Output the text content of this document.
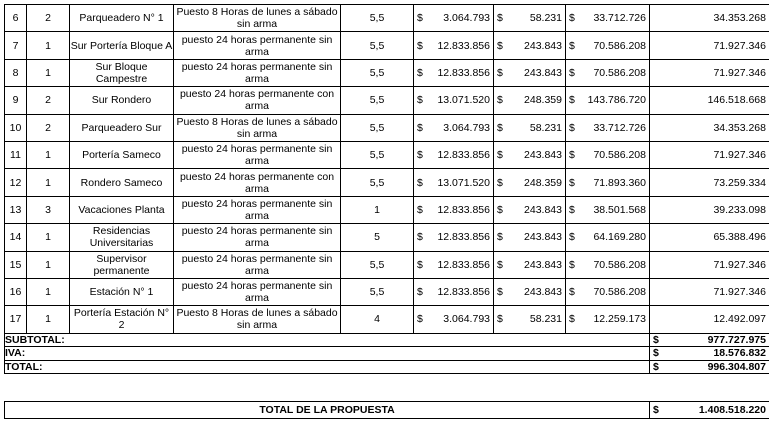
6	2	Parqueadero N° 1	Puesto 8 Horas de lunes a sábado sin arma	5,5	$ 3.064.793	$ 58.231	$ 33.712.726	34.353.268
7	1	Sur Portería Bloque A	puesto 24 horas permanente sin arma	5,5	$ 12.833.856	$ 243.843	$ 70.586.208	71.927.346
8	1	Sur Bloque Campestre	puesto 24 horas permanente sin arma	5,5	$ 12.833.856	$ 243.843	$ 70.586.208	71.927.346
9	2	Sur Rondero	puesto 24 horas permanente con arma	5,5	$ 13.071.520	$ 248.359	$ 143.786.720	146.518.668
10	2	Parqueadero Sur	Puesto 8 Horas de lunes a sábado sin arma	5,5	$ 3.064.793	$ 58.231	$ 33.712.726	34.353.268
11	1	Portería Sameco	puesto 24 horas permanente sin arma	5,5	$ 12.833.856	$ 243.843	$ 70.586.208	71.927.346
12	1	Rondero Sameco	puesto 24 horas permanente con arma	5,5	$ 13.071.520	$ 248.359	$ 71.893.360	73.259.334
13	3	Vacaciones Planta	puesto 24 horas permanente sin arma	1	$ 12.833.856	$ 243.843	$ 38.501.568	39.233.098
14	1	Residencias Universitarias	puesto 24 horas permanente sin arma	5	$ 12.833.856	$ 243.843	$ 64.169.280	65.388.496
15	1	Supervisor permanente	puesto 24 horas permanente sin arma	5,5	$ 12.833.856	$ 243.843	$ 70.586.208	71.927.346
16	1	Estación N° 1	puesto 24 horas permanente sin arma	5,5	$ 12.833.856	$ 243.843	$ 70.586.208	71.927.346
17	1	Portería Estación N° 2	Puesto 8 Horas de lunes a sábado sin arma	4	$ 3.064.793	$ 58.231	$ 12.259.173	12.492.097
SUBTOTAL:								$ 977.727.975

IVA:								$ 18.576.832

TOTAL:								$ 996.304.807
TOTAL DE LA PROPUESTA	$	1.408.518.220
